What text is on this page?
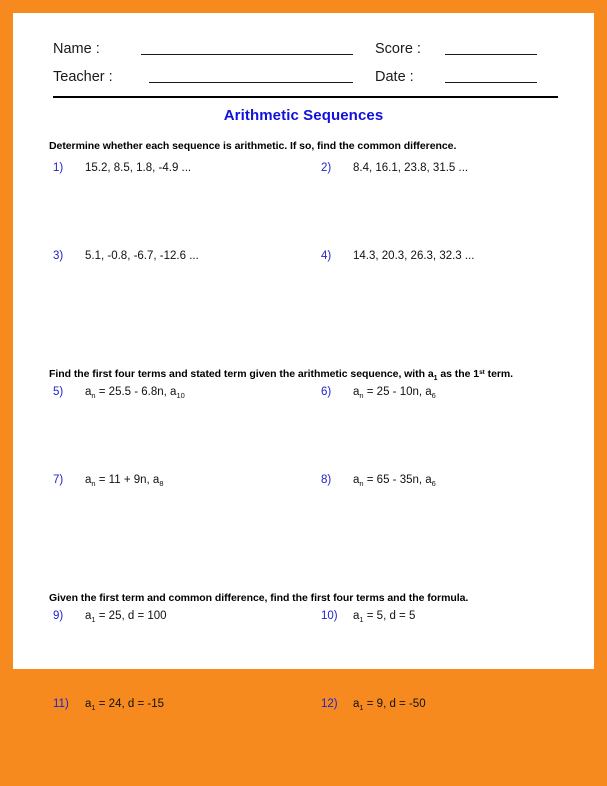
Name :	Score :
Teacher :	Date :
Arithmetic Sequences
Determine whether each sequence is arithmetic. If so, find the common difference.
1)	15.2, 8.5, 1.8, -4.9 ...	2)	8.4, 16.1, 23.8, 31.5 ...
3)	5.1, -0.8, -6.7, -12.6 ...	4)	14.3, 20.3, 26.3, 32.3 ...
Find the first four terms and stated term given the arithmetic sequence, with $a_1$ as the 1st term.
5)	$a_n = 25.5 - 6.8n$, $a_{10}$	6)	$a_n = 25 - 10n$, $a_6$
7)	$a_n = 11 + 9n$, $a_8$	8)	$a_n = 65 - 35n$, $a_6$
Given the first term and common difference, find the first four terms and the formula.
9)	$a_1 = 25$, d = 100	10)	$a_1 = 5$, d = 5
11)	$a_1 = 24$, d = -15	12)	$a_1 = 9$, d = -50
